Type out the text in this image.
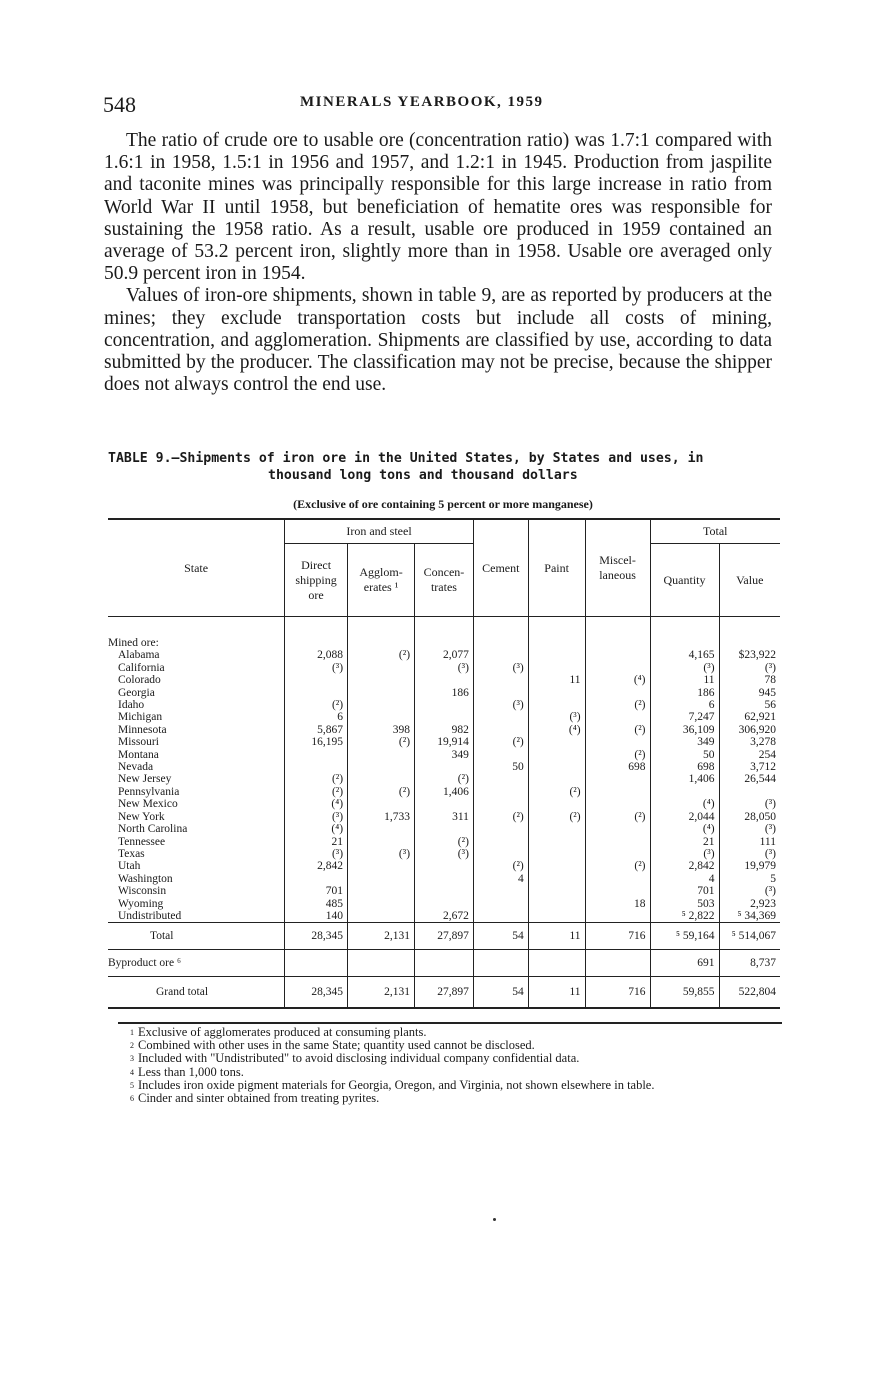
548	MINERALS YEARBOOK, 1959

The ratio of crude ore to usable ore (concentration ratio) was 1.7:1 compared with 1.6:1 in 1958, 1.5:1 in 1956 and 1957, and 1.2:1 in 1945. Production from jaspilite and taconite mines was principally responsible for this large increase in ratio from World War II until 1958, but beneficiation of hematite ores was responsible for sustaining the 1958 ratio. As a result, usable ore produced in 1959 contained an average of 53.2 percent iron, slightly more than in 1958. Usable ore averaged only 50.9 percent iron in 1954.

Values of iron-ore shipments, shown in table 9, are as reported by producers at the mines; they exclude transportation costs but include all costs of mining, concentration, and agglomeration. Shipments are classified by use, according to data submitted by the producer. The classification may not be precise, because the shipper does not always control the end use.

TABLE 9.—Shipments of iron ore in the United States, by States and uses, in
thousand long tons and thousand dollars
(Exclusive of ore containing 5 percent or more manganese)
State	Iron and steel			Cement	Paint	Miscel- laneous	Total	
	Direct shipping ore	Agglom- erates ¹	Concen- trates				Quantity	Value

Mined ore:								
Alabama	2,088	(²)	2,077				4,165	$23,922
California	(³)		(³)	(³)			(³)	(³)
Colorado					11	(⁴)	11	78
Georgia			186				186	945
Idaho	(²)			(³)		(²)	6	56
Michigan	6				(³)		7,247	62,921
Minnesota	5,867	398	982		(⁴)	(²)	36,109	306,920
Missouri	16,195	(²)	19,914	(²)			349	3,278
Montana			349			(²)	50	254
Nevada				50		698	698	3,712
New Jersey	(²)		(²)				1,406	26,544
Pennsylvania	(²)	(²)	1,406		(²)			
New Mexico	(⁴)						(⁴)	(³)
New York	(³)	1,733	311	(²)	(²)	(²)	2,044	28,050
North Carolina	(⁴)						(⁴)	(³)
Tennessee	21		(²)				21	111
Texas	(³)	(³)	(³)				(³)	(³)
Utah	2,842			(²)		(²)	2,842	19,979
Washington				4			4	5
Wisconsin	701						701	(³)
Wyoming	485					18	503	2,923
Undistributed	140		2,672				⁵ 2,822	⁵ 34,369
Total	28,345	2,131	27,897	54	11	716	⁵ 59,164	⁵ 514,067
Byproduct ore ⁶							691	8,737
Grand total	28,345	2,131	27,897	54	11	716	59,855	522,804
$^1$ Exclusive of agglomerates produced at consuming plants.
$^2$ Combined with other uses in the same State; quantity used cannot be disclosed.
$^3$ Included with "Undistributed" to avoid disclosing individual company confidential data.
$^4$ Less than 1,000 tons.
$^5$ Includes iron oxide pigment materials for Georgia, Oregon, and Virginia, not shown elsewhere in table.
$^6$ Cinder and sinter obtained from treating pyrites.
